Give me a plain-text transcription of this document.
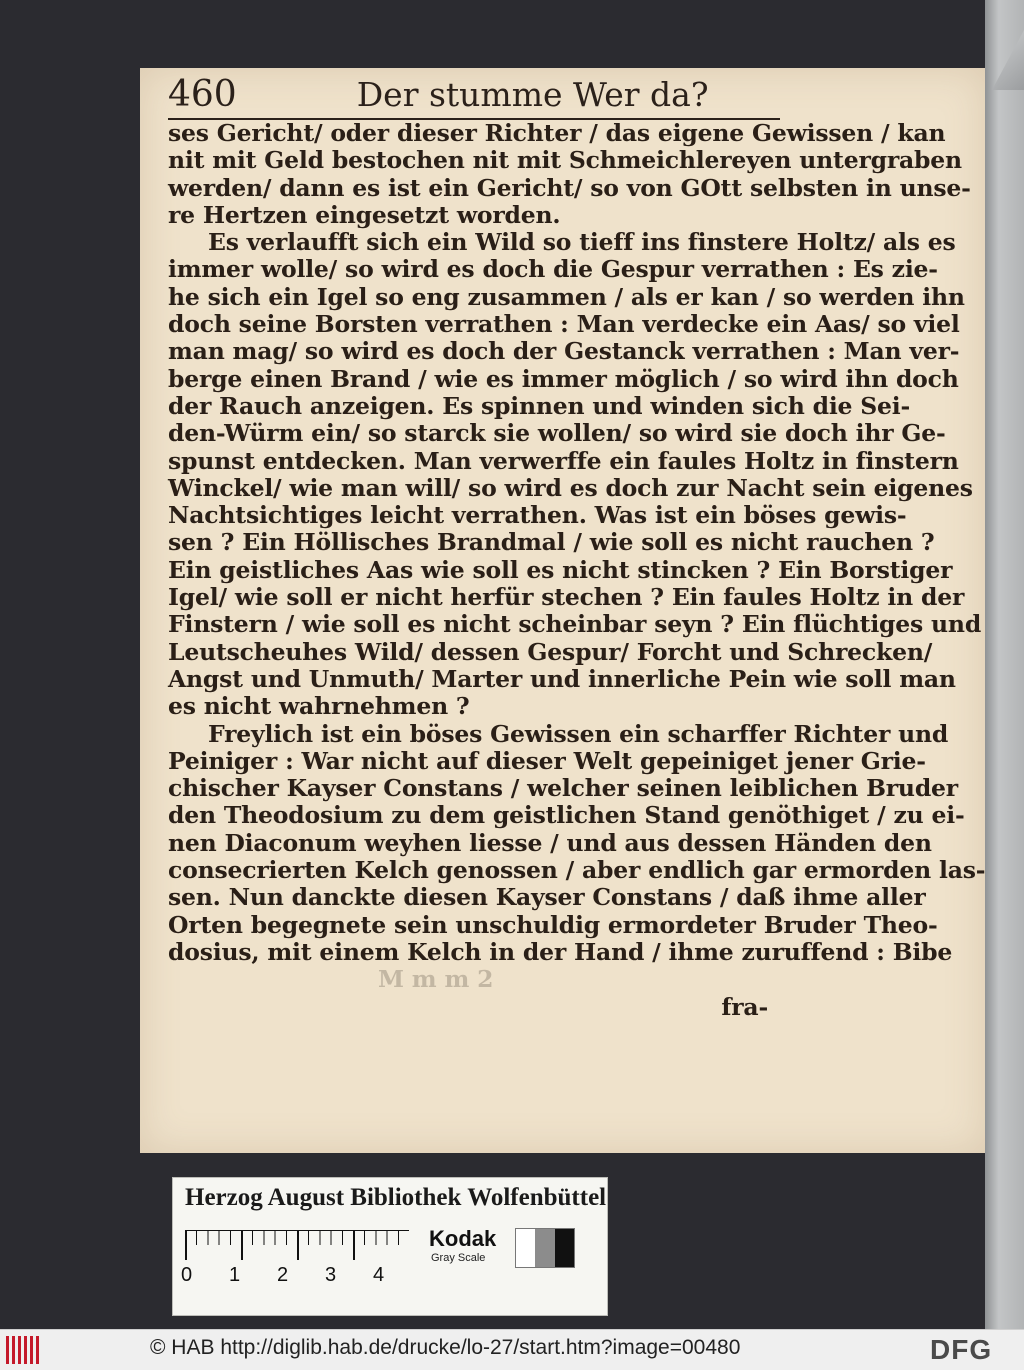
460	Der stumme Wer da?
ses Gericht/ oder dieser Richter / das eigene Gewissen / kan
nit mit Geld bestochen nit mit Schmeichlereyen untergraben
werden/ dann es ist ein Gericht/ so von GOtt selbsten in unse-
re Hertzen eingesetzt worden.
Es verlaufft sich ein Wild so tieff ins finstere Holtz/ als es
immer wolle/ so wird es doch die Gespur verrathen : Es zie-
he sich ein Igel so eng zusammen / als er kan / so werden ihn
doch seine Borsten verrathen : Man verdecke ein Aas/ so viel
man mag/ so wird es doch der Gestanck verrathen : Man ver-
berge einen Brand / wie es immer möglich / so wird ihn doch
der Rauch anzeigen. Es spinnen und winden sich die Sei-
den-Würm ein/ so starck sie wollen/ so wird sie doch ihr Ge-
spunst entdecken. Man verwerffe ein faules Holtz in finstern
Winckel/ wie man will/ so wird es doch zur Nacht sein eigenes
Nachtsichtiges leicht verrathen. Was ist ein böses gewis-
sen ? Ein Höllisches Brandmal / wie soll es nicht rauchen ?
Ein geistliches Aas wie soll es nicht stincken ? Ein Borstiger
Igel/ wie soll er nicht herfür stechen ? Ein faules Holtz in der
Finstern / wie soll es nicht scheinbar seyn ? Ein flüchtiges und
Leutscheuhes Wild/ dessen Gespur/ Forcht und Schrecken/
Angst und Unmuth/ Marter und innerliche Pein wie soll man
es nicht wahrnehmen ?
Freylich ist ein böses Gewissen ein scharffer Richter und
Peiniger : War nicht auf dieser Welt gepeiniget jener Grie-
chischer Kayser Constans / welcher seinen leiblichen Bruder
den Theodosium zu dem geistlichen Stand genöthiget / zu ei-
nen Diaconum weyhen liesse / und aus dessen Händen den
consecrierten Kelch genossen / aber endlich gar ermorden las-
sen. Nun danckte diesen Kayser Constans / daß ihme aller
Orten begegnete sein unschuldig ermordeter Bruder Theo-
dosius, mit einem Kelch in der Hand / ihme zuruffend : Bibe
M m m 2
fra-
Herzog August Bibliothek Wolfenbüttel
0	1	2	3	4
Kodak
Gray Scale
© HAB http://diglib.hab.de/drucke/lo-27/start.htm?image=00480	DFG
